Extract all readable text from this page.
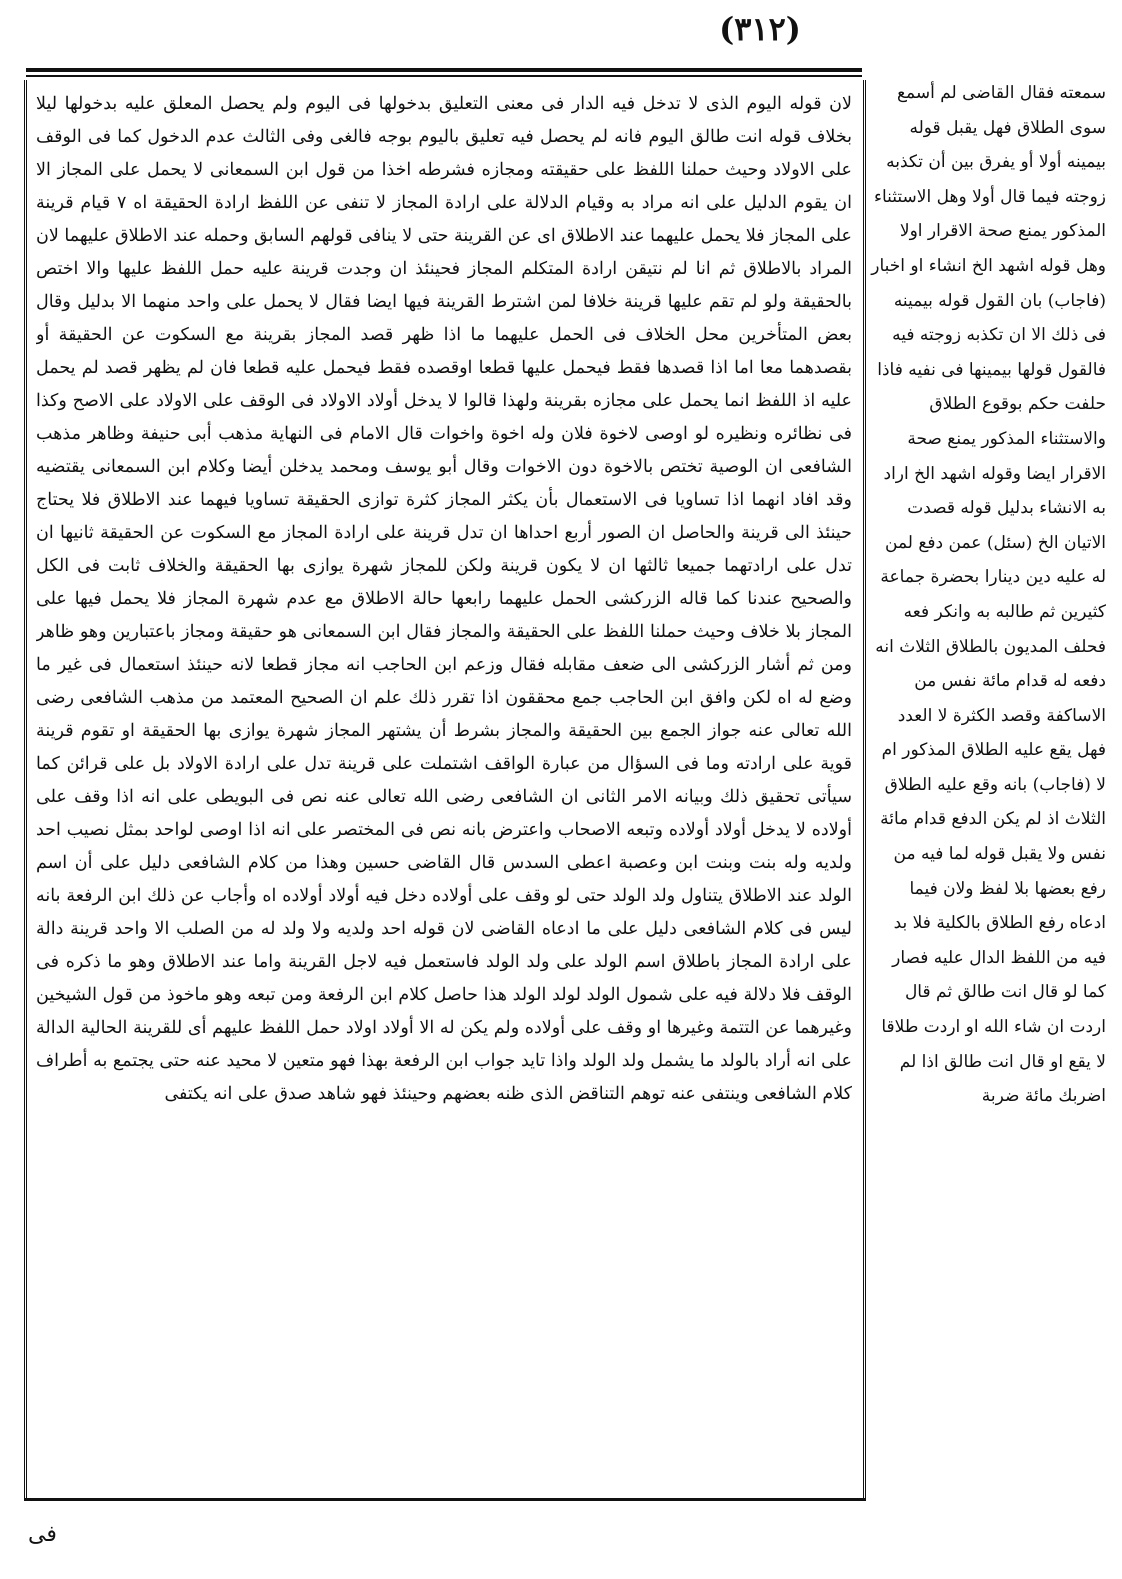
(٣١٢)

لان قوله اليوم الذى لا تدخل فيه الدار فى معنى التعليق بدخولها فى اليوم ولم يحصل المعلق عليه بدخولها ليلا بخلاف قوله انت طالق اليوم فانه لم يحصل فيه تعليق باليوم بوجه فالغى وفى الثالث عدم الدخول كما فى الوقف على الاولاد وحيث حملنا اللفظ على حقيقته ومجازه فشرطه اخذا من قول ابن السمعانى لا يحمل على المجاز الا ان يقوم الدليل على انه مراد به وقيام الدلالة على ارادة المجاز لا تنفى عن اللفظ ارادة الحقيقة اه ٧ قيام قرينة على المجاز فلا يحمل عليهما عند الاطلاق اى عن القرينة حتى لا ينافى قولهم السابق وحمله عند الاطلاق عليهما لان المراد بالاطلاق ثم انا لم نتيقن ارادة المتكلم المجاز فحينئذ ان وجدت قرينة عليه حمل اللفظ عليها والا اختص بالحقيقة ولو لم تقم عليها قرينة خلافا لمن اشترط القرينة فيها ايضا فقال لا يحمل على واحد منهما الا بدليل وقال بعض المتأخرين محل الخلاف فى الحمل عليهما ما اذا ظهر قصد المجاز بقرينة مع السكوت عن الحقيقة أو بقصدهما معا اما اذا قصدها فقط فيحمل عليها قطعا اوقصده فقط فيحمل عليه قطعا فان لم يظهر قصد لم يحمل عليه اذ اللفظ انما يحمل على مجازه بقرينة ولهذا قالوا لا يدخل أولاد الاولاد فى الوقف على الاولاد على الاصح وكذا فى نظائره ونظيره لو اوصى لاخوة فلان وله اخوة واخوات قال الامام فى النهاية مذهب أبى حنيفة وظاهر مذهب الشافعى ان الوصية تختص بالاخوة دون الاخوات وقال أبو يوسف ومحمد يدخلن أيضا وكلام ابن السمعانى يقتضيه وقد افاد انهما اذا تساويا فى الاستعمال بأن يكثر المجاز كثرة توازى الحقيقة تساويا فيهما عند الاطلاق فلا يحتاج حينئذ الى قرينة والحاصل ان الصور أربع احداها ان تدل قرينة على ارادة المجاز مع السكوت عن الحقيقة ثانيها ان تدل على ارادتهما جميعا ثالثها ان لا يكون قرينة ولكن للمجاز شهرة يوازى بها الحقيقة والخلاف ثابت فى الكل والصحيح عندنا كما قاله الزركشى الحمل عليهما رابعها حالة الاطلاق مع عدم شهرة المجاز فلا يحمل فيها على المجاز بلا خلاف وحيث حملنا اللفظ على الحقيقة والمجاز فقال ابن السمعانى هو حقيقة ومجاز باعتبارين وهو ظاهر ومن ثم أشار الزركشى الى ضعف مقابله فقال وزعم ابن الحاجب انه مجاز قطعا لانه حينئذ استعمال فى غير ما وضع له اه لكن وافق ابن الحاجب جمع محققون اذا تقرر ذلك علم ان الصحيح المعتمد من مذهب الشافعى رضى الله تعالى عنه جواز الجمع بين الحقيقة والمجاز بشرط أن يشتهر المجاز شهرة يوازى بها الحقيقة او تقوم قرينة قوية على ارادته وما فى السؤال من عبارة الواقف اشتملت على قرينة تدل على ارادة الاولاد بل على قرائن كما سيأتى تحقيق ذلك وبيانه الامر الثانى ان الشافعى رضى الله تعالى عنه نص فى البويطى على انه اذا وقف على أولاده لا يدخل أولاد أولاده وتبعه الاصحاب واعترض بانه نص فى المختصر على انه اذا اوصى لواحد بمثل نصيب احد ولديه وله بنت وبنت ابن وعصبة اعطى السدس قال القاضى حسين وهذا من كلام الشافعى دليل على أن اسم الولد عند الاطلاق يتناول ولد الولد حتى لو وقف على أولاده دخل فيه أولاد أولاده اه وأجاب عن ذلك ابن الرفعة بانه ليس فى كلام الشافعى دليل على ما ادعاه القاضى لان قوله احد ولديه ولا ولد له من الصلب الا واحد قرينة دالة على ارادة المجاز باطلاق اسم الولد على ولد الولد فاستعمل فيه لاجل القرينة واما عند الاطلاق وهو ما ذكره فى الوقف فلا دلالة فيه على شمول الولد لولد الولد هذا حاصل كلام ابن الرفعة ومن تبعه وهو ماخوذ من قول الشيخين وغيرهما عن التتمة وغيرها او وقف على أولاده ولم يكن له الا أولاد اولاد حمل اللفظ عليهم أى للقرينة الحالية الدالة على انه أراد بالولد ما يشمل ولد الولد واذا تايد جواب ابن الرفعة بهذا فهو متعين لا محيد عنه حتى يجتمع به أطراف كلام الشافعى وينتفى عنه توهم التناقض الذى ظنه بعضهم وحينئذ فهو شاهد صدق على انه يكتفى

سمعته فقال القاضى لم أسمع سوى الطلاق فهل يقبل قوله بيمينه أولا أو يفرق بين أن تكذبه زوجته فيما قال أولا وهل الاستثناء المذكور يمنع صحة الاقرار اولا وهل قوله اشهد الخ انشاء او اخبار (فاجاب) بان القول قوله بيمينه فى ذلك الا ان تكذبه زوجته فيه فالقول قولها بيمينها فى نفيه فاذا حلفت حكم بوقوع الطلاق والاستثناء المذكور يمنع صحة الاقرار ايضا وقوله اشهد الخ اراد به الانشاء بدليل قوله قصدت الاتيان الخ (سئل) عمن دفع لمن له عليه دين دينارا بحضرة جماعة كثيرين ثم طالبه به وانكر فعه فحلف المديون بالطلاق الثلاث انه دفعه له قدام مائة نفس من الاساكفة وقصد الكثرة لا العدد فهل يقع عليه الطلاق المذكور ام لا (فاجاب) بانه وقع عليه الطلاق الثلاث اذ لم يكن الدفع قدام مائة نفس ولا يقبل قوله لما فيه من رفع بعضها بلا لفظ ولان فيما ادعاه رفع الطلاق بالكلية فلا بد فيه من اللفظ الدال عليه فصار كما لو قال انت طالق ثم قال اردت ان شاء الله او اردت طلاقا لا يقع او قال انت طالق اذا لم اضربك مائة ضربة

فى
